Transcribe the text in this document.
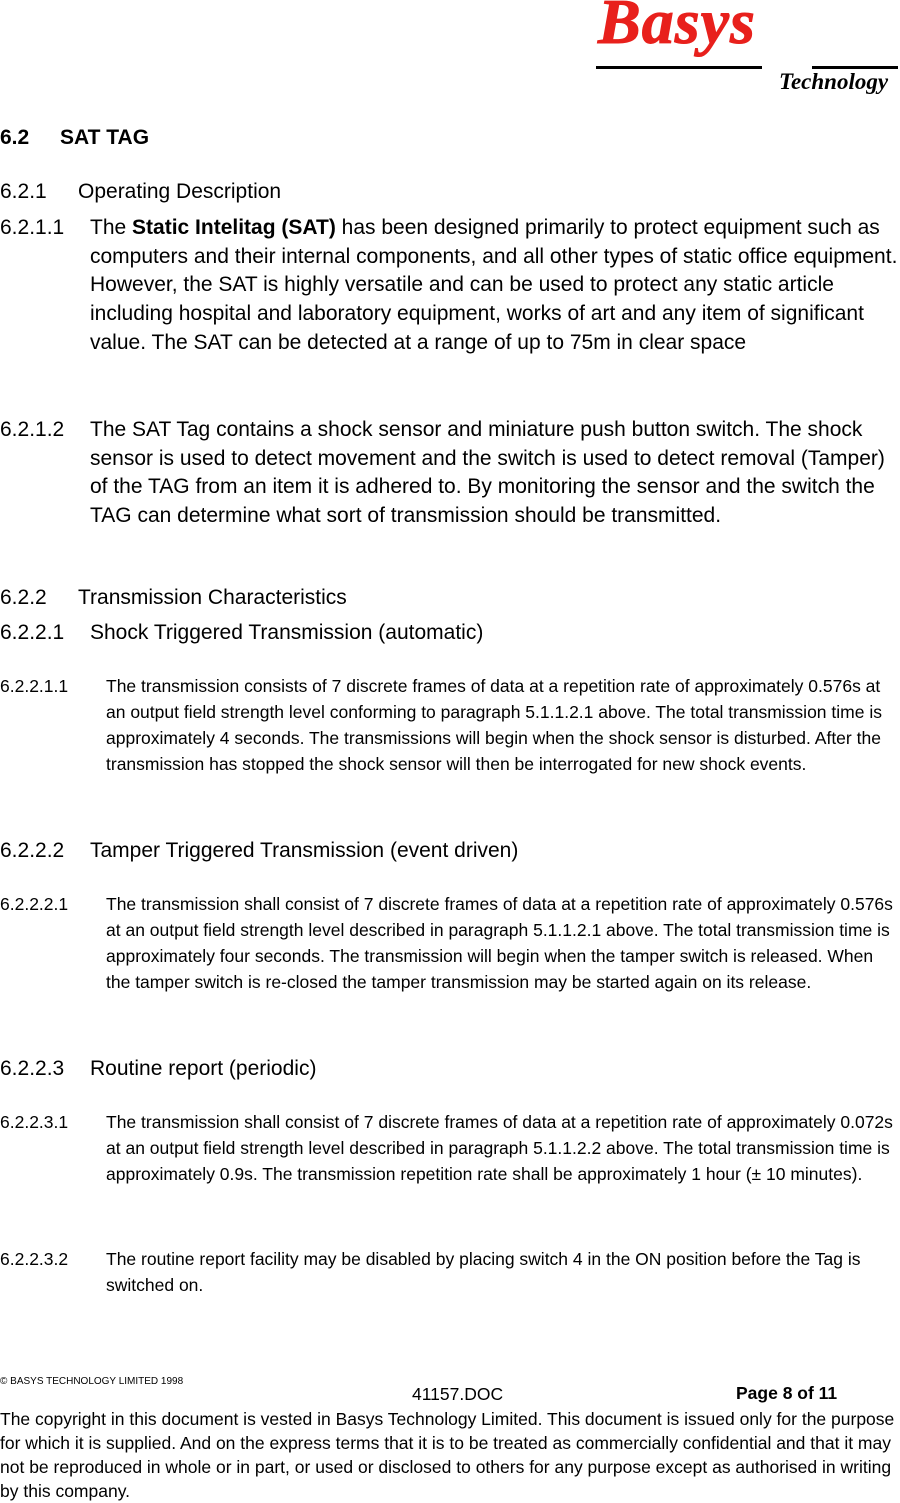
Basys
Technology
6.2 SAT TAG
6.2.1 Operating Description
6.2.1.1 The Static Intelitag (SAT) has been designed primarily to protect equipment such as computers and their internal components, and all other types of static office equipment. However, the SAT is highly versatile and can be used to protect any static article including hospital and laboratory equipment, works of art and any item of significant value. The SAT can be detected at a range of up to 75m in clear space
6.2.1.2 The SAT Tag contains a shock sensor and miniature push button switch. The shock sensor is used to detect movement and the switch is used to detect removal (Tamper) of the TAG from an item it is adhered to. By monitoring the sensor and the switch the TAG can determine what sort of transmission should be transmitted.
6.2.2 Transmission Characteristics
6.2.2.1 Shock Triggered Transmission (automatic)
6.2.2.1.1 The transmission consists of 7 discrete frames of data at a repetition rate of approximately 0.576s at an output field strength level conforming to paragraph 5.1.1.2.1 above. The total transmission time is approximately 4 seconds. The transmissions will begin when the shock sensor is disturbed. After the transmission has stopped the shock sensor will then be interrogated for new shock events.
6.2.2.2 Tamper Triggered Transmission (event driven)
6.2.2.2.1 The transmission shall consist of 7 discrete frames of data at a repetition rate of approximately 0.576s at an output field strength level described in paragraph 5.1.1.2.1 above. The total transmission time is approximately four seconds. The transmission will begin when the tamper switch is released. When the tamper switch is re-closed the tamper transmission may be started again on its release.
6.2.2.3 Routine report (periodic)
6.2.2.3.1 The transmission shall consist of 7 discrete frames of data at a repetition rate of approximately 0.072s at an output field strength level described in paragraph 5.1.1.2.2 above. The total transmission time is approximately 0.9s. The transmission repetition rate shall be approximately 1 hour (± 10 minutes).
6.2.2.3.2 The routine report facility may be disabled by placing switch 4 in the ON position before the Tag is switched on.
© BASYS TECHNOLOGY LIMITED 1998
41157.DOC	Page 8 of 11
The copyright in this document is vested in Basys Technology Limited. This document is issued only for the purpose for which it is supplied. And on the express terms that it is to be treated as commercially confidential and that it may not be reproduced in whole or in part, or used or disclosed to others for any purpose except as authorised in writing by this company.
